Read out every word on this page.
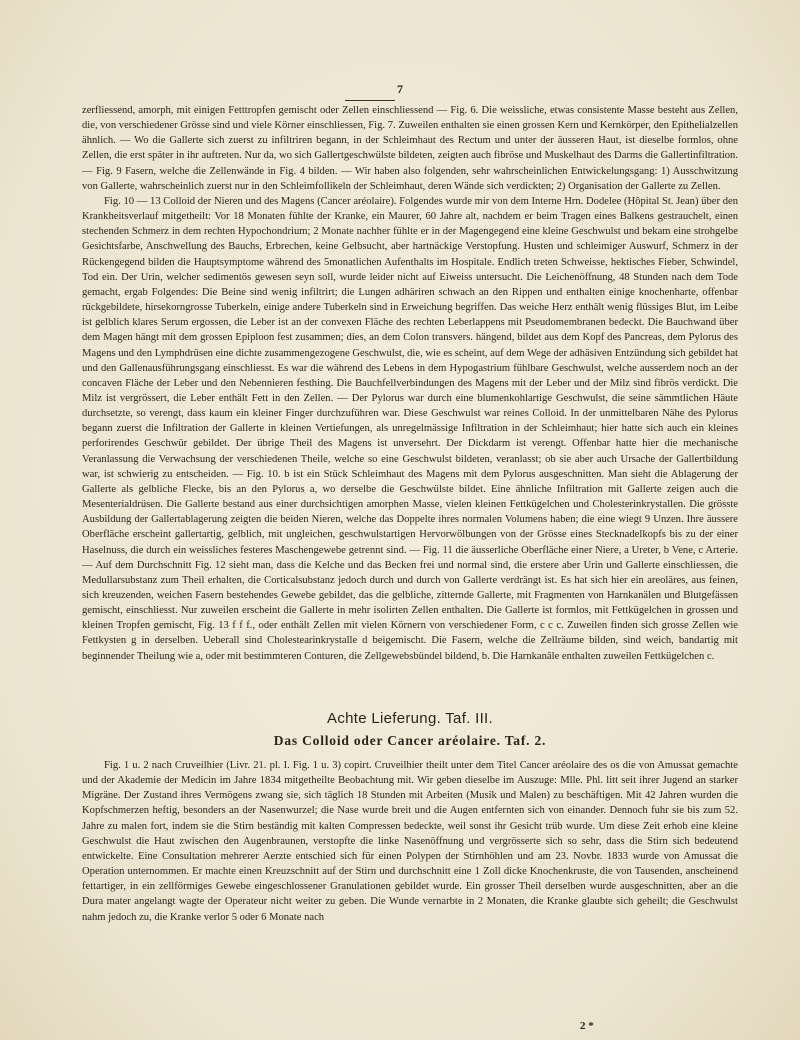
7

zerfliessend, amorph, mit einigen Fetttropfen gemischt oder Zellen einschliessend — Fig. 6. Die weissliche, etwas consistente Masse besteht aus Zellen, die, von verschiedener Grösse sind und viele Körner einschliessen, Fig. 7. Zuweilen enthalten sie einen grossen Kern und Kernkörper, den Epithelialzellen ähnlich. — Wo die Gallerte sich zuerst zu infiltriren begann, in der Schleimhaut des Rectum und unter der äusseren Haut, ist dieselbe formlos, ohne Zellen, die erst später in ihr auftreten. Nur da, wo sich Gallertgeschwülste bildeten, zeigten auch fibröse und Muskelhaut des Darms die Gallertinfiltration. — Fig. 9 Fasern, welche die Zellenwände in Fig. 4 bilden. — Wir haben also folgenden, sehr wahrscheinlichen Entwickelungsgang: 1) Ausschwitzung von Gallerte, wahrscheinlich zuerst nur in den Schleimfollikeln der Schleimhaut, deren Wände sich verdickten; 2) Organisation der Gallerte zu Zellen.

Fig. 10 — 13 Colloid der Nieren und des Magens (Cancer aréolaire). Folgendes wurde mir von dem Interne Hrn. Dodelee (Hôpital St. Jean) über den Krankheitsverlauf mitgetheilt: Vor 18 Monaten fühlte der Kranke, ein Maurer, 60 Jahre alt, nachdem er beim Tragen eines Balkens gestrauchelt, einen stechenden Schmerz in dem rechten Hypochondrium; 2 Monate nachher fühlte er in der Magengegend eine kleine Geschwulst und bekam eine strohgelbe Gesichtsfarbe, Anschwellung des Bauchs, Erbrechen, keine Gelbsucht, aber hartnäckige Verstopfung. Husten und schleimiger Auswurf, Schmerz in der Rückengegend bilden die Hauptsymptome während des 5monatlichen Aufenthalts im Hospitale. Endlich treten Schweisse, hektisches Fieber, Schwindel, Tod ein. Der Urin, welcher sedimentös gewesen seyn soll, wurde leider nicht auf Eiweiss untersucht. Die Leichenöffnung, 48 Stunden nach dem Tode gemacht, ergab Folgendes: Die Beine sind wenig infiltrirt; die Lungen adhäriren schwach an den Rippen und enthalten einige knochenharte, offenbar rückgebildete, hirsekorngrosse Tuberkeln, einige andere Tuberkeln sind in Erweichung begriffen. Das weiche Herz enthält wenig flüssiges Blut, im Leibe ist gelblich klares Serum ergossen, die Leber ist an der convexen Fläche des rechten Leberlappens mit Pseudomembranen bedeckt. Die Bauchwand über dem Magen hängt mit dem grossen Epiploon fest zusammen; dies, an dem Colon transvers. hängend, bildet aus dem Kopf des Pancreas, dem Pylorus des Magens und den Lymphdrüsen eine dichte zusammengezogene Geschwulst, die, wie es scheint, auf dem Wege der adhäsiven Entzündung sich gebildet hat und den Gallenausführungsgang einschliesst. Es war die während des Lebens in dem Hypogastrium fühlbare Geschwulst, welche ausserdem noch an der concaven Fläche der Leber und den Nebennieren festhing. Die Bauchfellverbindungen des Magens mit der Leber und der Milz sind fibrös verdickt. Die Milz ist vergrössert, die Leber enthält Fett in den Zellen. — Der Pylorus war durch eine blumenkohlartige Geschwulst, die seine sämmtlichen Häute durchsetzte, so verengt, dass kaum ein kleiner Finger durchzuführen war. Diese Geschwulst war reines Colloid. In der unmittelbaren Nähe des Pylorus begann zuerst die Infiltration der Gallerte in kleinen Vertiefungen, als unregelmässige Infiltration in der Schleimhaut; hier hatte sich auch ein kleines perforirendes Geschwür gebildet. Der übrige Theil des Magens ist unversehrt. Der Dickdarm ist verengt. Offenbar hatte hier die mechanische Veranlassung die Verwachsung der verschiedenen Theile, welche so eine Geschwulst bildeten, veranlasst; ob sie aber auch Ursache der Gallertbildung war, ist schwierig zu entscheiden. — Fig. 10. b ist ein Stück Schleimhaut des Magens mit dem Pylorus ausgeschnitten. Man sieht die Ablagerung der Gallerte als gelbliche Flecke, bis an den Pylorus a, wo derselbe die Geschwülste bildet. Eine ähnliche Infiltration mit Gallerte zeigen auch die Mesenterialdrüsen. Die Gallerte bestand aus einer durchsichtigen amorphen Masse, vielen kleinen Fettkügelchen und Cholesterinkrystallen. Die grösste Ausbildung der Gallertablagerung zeigten die beiden Nieren, welche das Doppelte ihres normalen Volumens haben; die eine wiegt 9 Unzen. Ihre äussere Oberfläche erscheint gallertartig, gelblich, mit ungleichen, geschwulstartigen Hervorwölbungen von der Grösse eines Stecknadelkopfs bis zu der einer Haselnuss, die durch ein weissliches festeres Maschengewebe getrennt sind. — Fig. 11 die äusserliche Oberfläche einer Niere, a Ureter, b Vene, c Arterie. — Auf dem Durchschnitt Fig. 12 sieht man, dass die Kelche und das Becken frei und normal sind, die erstere aber Urin und Gallerte einschliessen, die Medullarsubstanz zum Theil erhalten, die Corticalsubstanz jedoch durch und durch von Gallerte verdrängt ist. Es hat sich hier ein areoläres, aus feinen, sich kreuzenden, weichen Fasern bestehendes Gewebe gebildet, das die gelbliche, zitternde Gallerte, mit Fragmenten von Harnkanälen und Blutgefässen gemischt, einschliesst. Nur zuweilen erscheint die Gallerte in mehr isolirten Zellen enthalten. Die Gallerte ist formlos, mit Fettkügelchen in grossen und kleinen Tropfen gemischt, Fig. 13 f f f., oder enthält Zellen mit vielen Körnern von verschiedener Form, c c c. Zuweilen finden sich grosse Zellen wie Fettkysten g in derselben. Ueberall sind Cholestearinkrystalle d beigemischt. Die Fasern, welche die Zellräume bilden, sind weich, bandartig mit beginnender Theilung wie a, oder mit bestimmteren Conturen, die Zellgewebsbündel bildend, b. Die Harnkanäle enthalten zuweilen Fettkügelchen c.

Achte Lieferung. Taf. III.
Das Colloid oder Cancer aréolaire. Taf. 2.

Fig. 1 u. 2 nach Cruveilhier (Livr. 21. pl. I. Fig. 1 u. 3) copirt. Cruveilhier theilt unter dem Titel Cancer aréolaire des os die von Amussat gemachte und der Akademie der Medicin im Jahre 1834 mitgetheilte Beobachtung mit. Wir geben dieselbe im Auszuge: Mlle. Phl. litt seit ihrer Jugend an starker Migräne. Der Zustand ihres Vermögens zwang sie, sich täglich 18 Stunden mit Arbeiten (Musik und Malen) zu beschäftigen. Mit 42 Jahren wurden die Kopfschmerzen heftig, besonders an der Nasenwurzel; die Nase wurde breit und die Augen entfernten sich von einander. Dennoch fuhr sie bis zum 52. Jahre zu malen fort, indem sie die Stirn beständig mit kalten Compressen bedeckte, weil sonst ihr Gesicht trüb wurde. Um diese Zeit erhob eine kleine Geschwulst die Haut zwischen den Augenbraunen, verstopfte die linke Nasenöffnung und vergrösserte sich so sehr, dass die Stirn sich bedeutend entwickelte. Eine Consultation mehrerer Aerzte entschied sich für einen Polypen der Stirnhöhlen und am 23. Novbr. 1833 wurde von Amussat die Operation unternommen. Er machte einen Kreuzschnitt auf der Stirn und durchschnitt eine 1 Zoll dicke Knochenkruste, die von Tausenden, anscheinend fettartiger, in ein zellförmiges Gewebe eingeschlossener Granulationen gebildet wurde. Ein grosser Theil derselben wurde ausgeschnitten, aber an die Dura mater angelangt wagte der Operateur nicht weiter zu geben. Die Wunde vernarbte in 2 Monaten, die Kranke glaubte sich geheilt; die Geschwulst nahm jedoch zu, die Kranke verlor 5 oder 6 Monate nach

2 *
